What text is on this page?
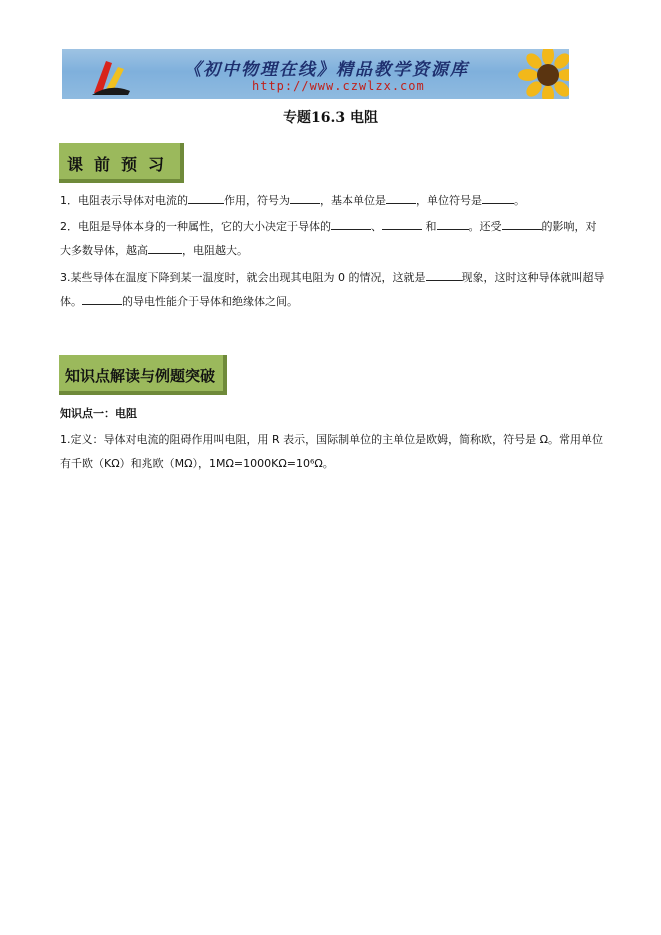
《初中物理在线》精品教学资源库
http://www.czwlzx.com
专题16.3 电阻
课前预习
1．电阻表示导体对电流的	作用，符号为	，基本单位是	，单位符号是	。
2．电阻是导体本身的一种属性，它的大小决定于导体的	、	和	。还受	的影响，对大多数导体，越高	，电阻越大。
3.某些导体在温度下降到某一温度时，就会出现其电阻为 0 的情况，这就是	现象，这时这种导体就叫超导体。	的导电性能介于导体和绝缘体之间。
知识点解读与例题突破
知识点一：电阻
1.定义：导体对电流的阻碍作用叫电阻，用 R 表示，国际制单位的主单位是欧姆，简称欧，符号是 Ω。常用单位有千欧（KΩ）和兆欧（MΩ），1MΩ=1000KΩ=10⁶Ω。
